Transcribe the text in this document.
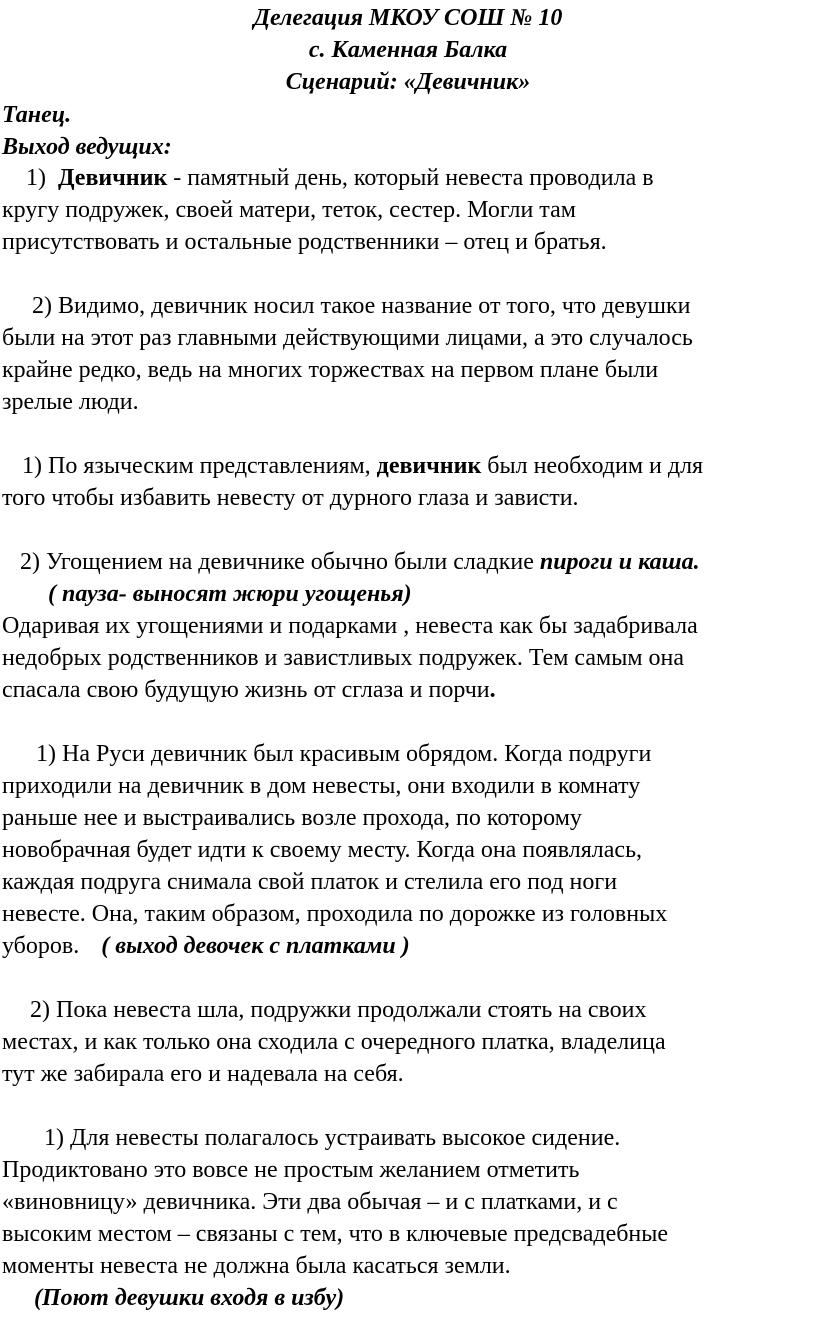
Делегация МКОУ СОШ № 10
с. Каменная Балка
Сценарий: «Девичник»
Танец.
Выход ведущих:
1) Девичник - памятный день, который невеста проводила в
кругу подружек, своей матери, теток, сестер. Могли там
присутствовать и остальные родственники – отец и братья.
2) Видимо, девичник носил такое название от того, что девушки
были на этот раз главными действующими лицами, а это случалось
крайне редко, ведь на многих торжествах на первом плане были
зрелые люди.
1) По языческим представлениям, девичник был необходим и для
того чтобы избавить невесту от дурного глаза и зависти.
2) Угощением на девичнике обычно были сладкие пироги и каша.
( пауза- выносят жюри угощенья)
Одаривая их угощениями и подарками , невеста как бы задабривала
недобрых родственников и завистливых подружек. Тем самым она
спасала свою будущую жизнь от сглаза и порчи.
1) На Руси девичник был красивым обрядом. Когда подруги
приходили на девичник в дом невесты, они входили в комнату
раньше нее и выстраивались возле прохода, по которому
новобрачная будет идти к своему месту. Когда она появлялась,
каждая подруга снимала свой платок и стелила его под ноги
невесте. Она, таким образом, проходила по дорожке из головных
уборов. ( выход девочек с платками )
2) Пока невеста шла, подружки продолжали стоять на своих
местах, и как только она сходила с очередного платка, владелица
тут же забирала его и надевала на себя.
1) Для невесты полагалось устраивать высокое сидение.
Продиктовано это вовсе не простым желанием отметить
«виновницу» девичника. Эти два обычая – и с платками, и с
высоким местом – связаны с тем, что в ключевые предсвадебные
моменты невеста не должна была касаться земли.
(Поют девушки входя в избу)
